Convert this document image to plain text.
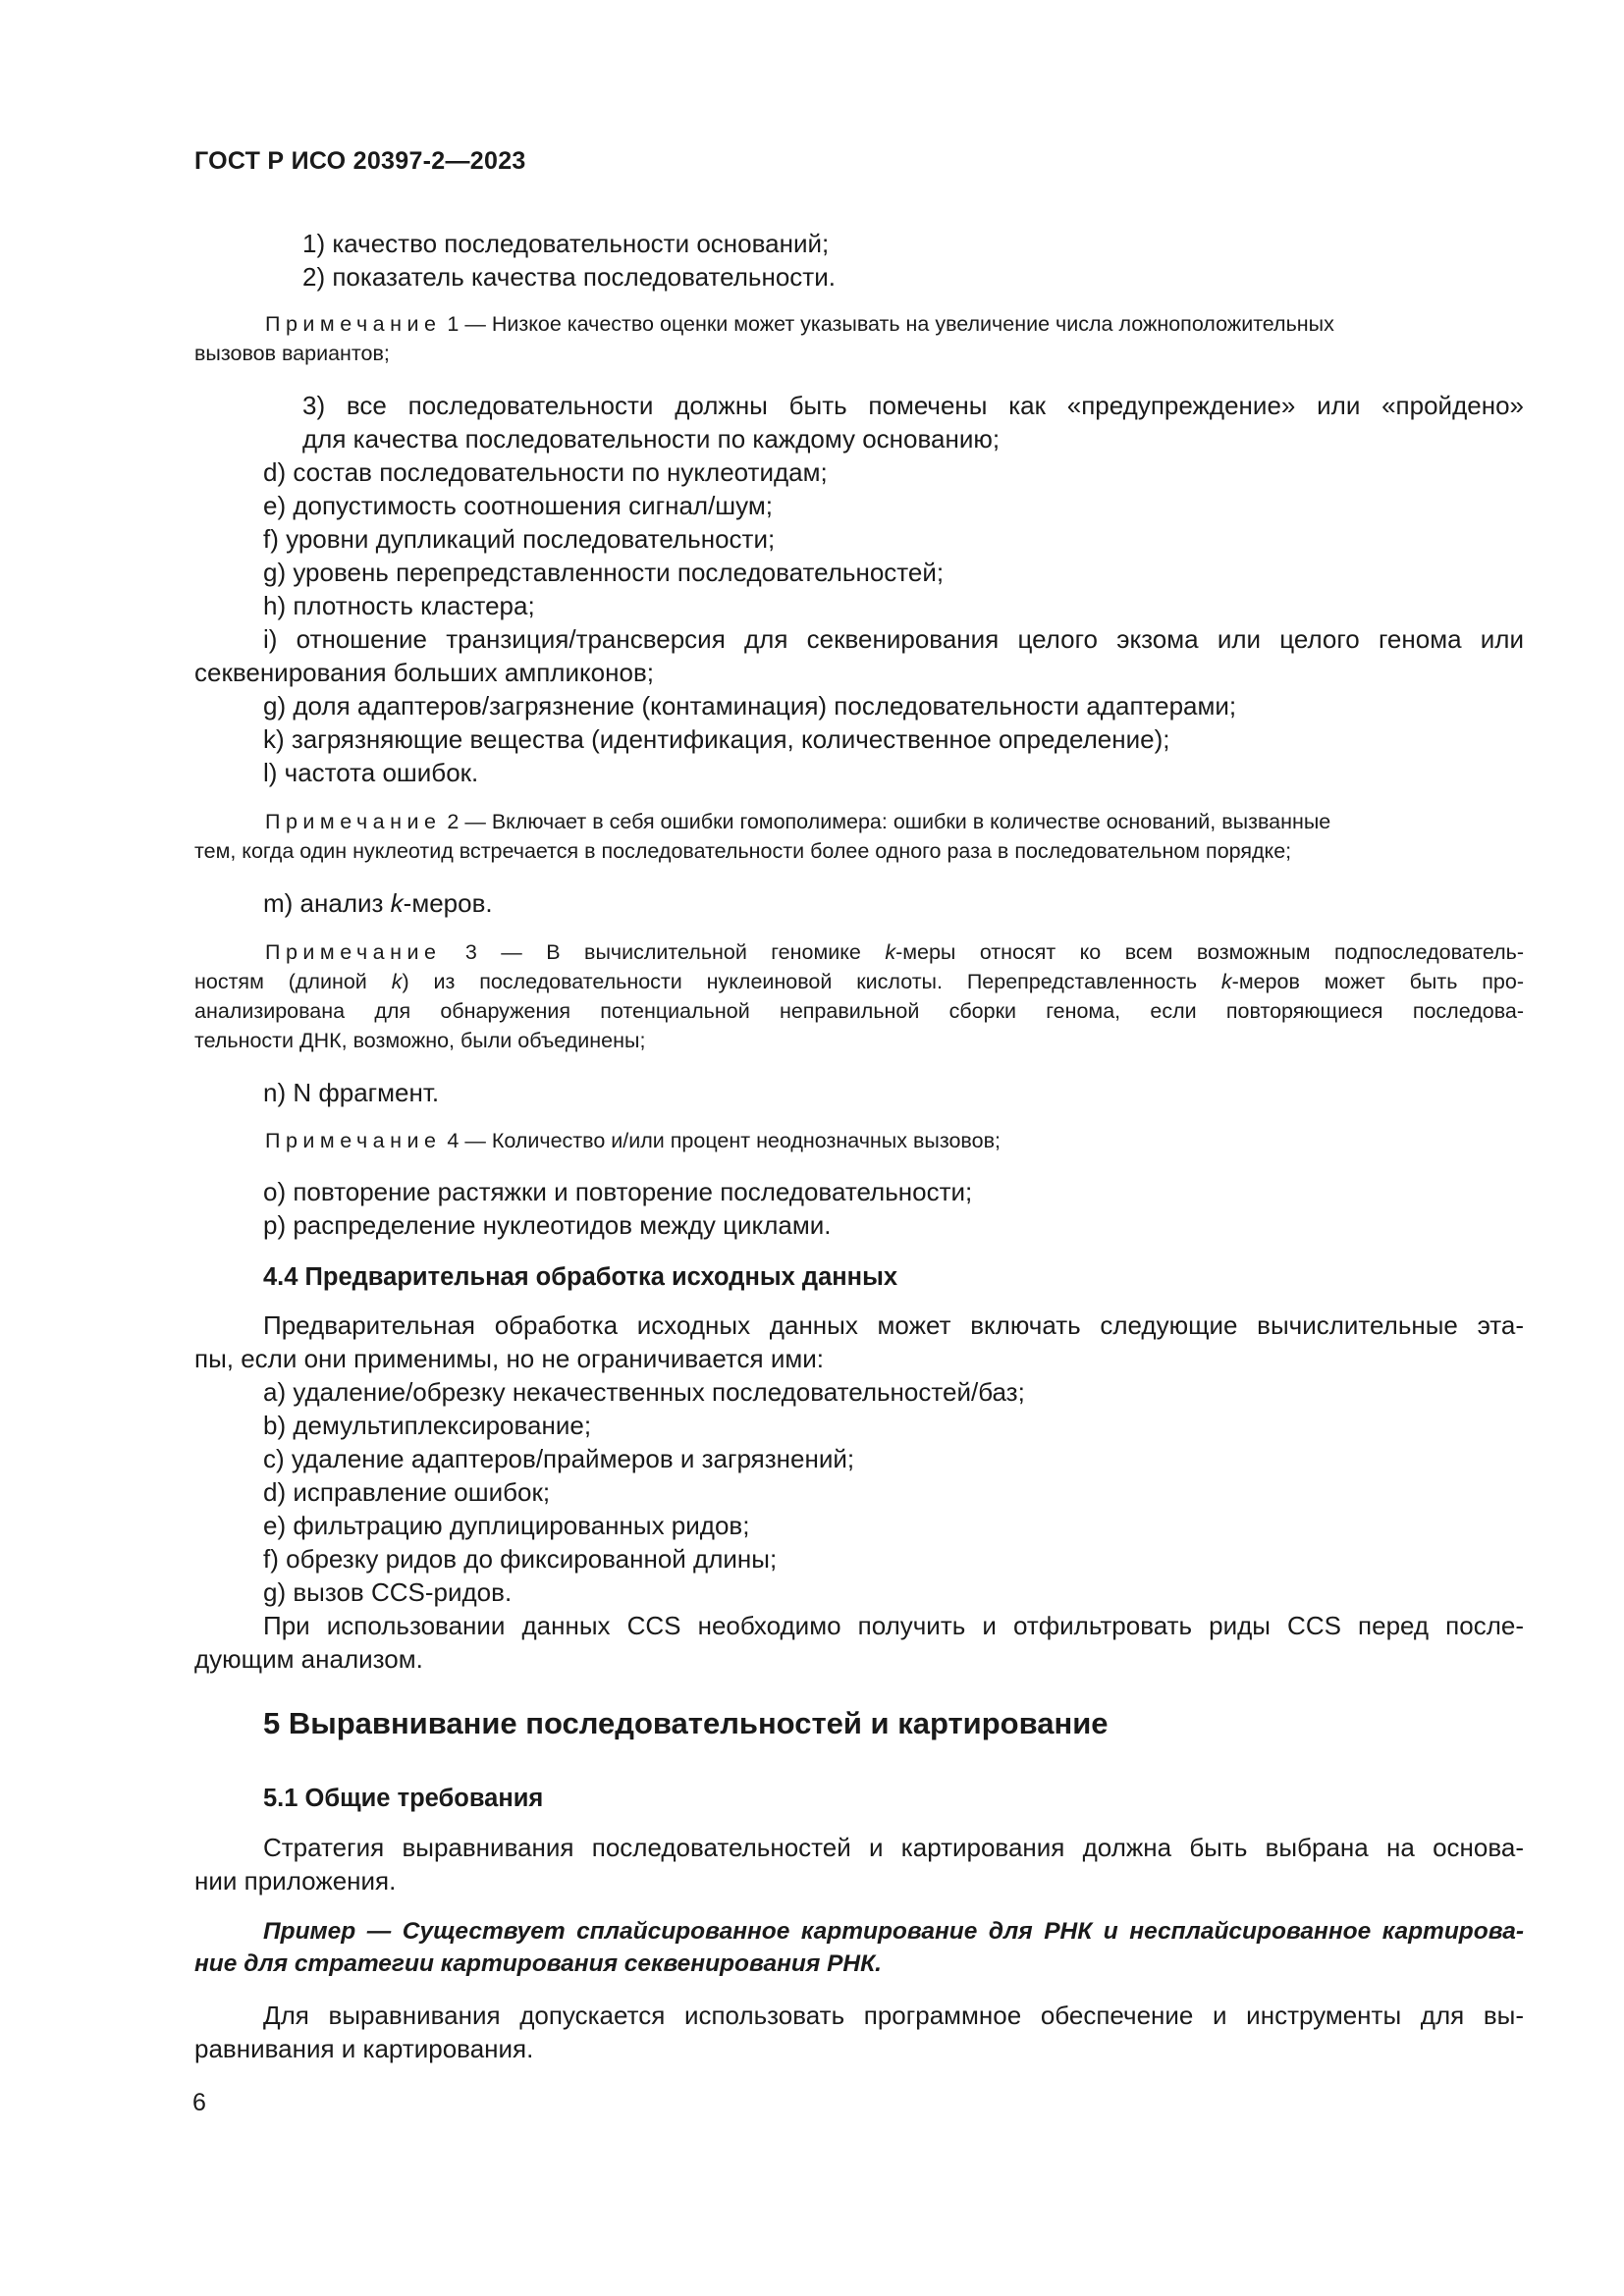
ГОСТ Р ИСО 20397-2—2023
1) качество последовательности оснований;
2) показатель качества последовательности.
Примечание 1 — Низкое качество оценки может указывать на увеличение числа ложноположительных
вызовов вариантов;
3) все последовательности должны быть помечены как «предупреждение» или «пройдено»
для качества последовательности по каждому основанию;
d) состав последовательности по нуклеотидам;
e) допустимость соотношения сигнал/шум;
f) уровни дупликаций последовательности;
g) уровень перепредставленности последовательностей;
h) плотность кластера;
i) отношение транзиция/трансверсия для секвенирования целого экзома или целого генома или
секвенирования больших ампликонов;
g) доля адаптеров/загрязнение (контаминация) последовательности адаптерами;
k) загрязняющие вещества (идентификация, количественное определение);
l) частота ошибок.
Примечание 2 — Включает в себя ошибки гомополимера: ошибки в количестве оснований, вызванные
тем, когда один нуклеотид встречается в последовательности более одного раза в последовательном порядке;
m) анализ k-меров.
Примечание 3 — В вычислительной геномике k-меры относят ко всем возможным подпоследователь-
ностям (длиной k) из последовательности нуклеиновой кислоты. Перепредставленность k-меров может быть про-
анализирована для обнаружения потенциальной неправильной сборки генома, если повторяющиеся последова-
тельности ДНК, возможно, были объединены;
n) N фрагмент.
Примечание 4 — Количество и/или процент неоднозначных вызовов;
o) повторение растяжки и повторение последовательности;
p) распределение нуклеотидов между циклами.
4.4 Предварительная обработка исходных данных
Предварительная обработка исходных данных может включать следующие вычислительные эта-
пы, если они применимы, но не ограничивается ими:
a) удаление/обрезку некачественных последовательностей/баз;
b) демультиплексирование;
c) удаление адаптеров/праймеров и загрязнений;
d) исправление ошибок;
e) фильтрацию дуплицированных ридов;
f) обрезку ридов до фиксированной длины;
g) вызов CCS-ридов.
При использовании данных CCS необходимо получить и отфильтровать риды CCS перед после-
дующим анализом.
5 Выравнивание последовательностей и картирование
5.1 Общие требования
Стратегия выравнивания последовательностей и картирования должна быть выбрана на основа-
нии приложения.
Пример — Существует сплайсированное картирование для РНК и несплайсированное картирова-
ние для стратегии картирования секвенирования РНК.
Для выравнивания допускается использовать программное обеспечение и инструменты для вы-
равнивания и картирования.
6
